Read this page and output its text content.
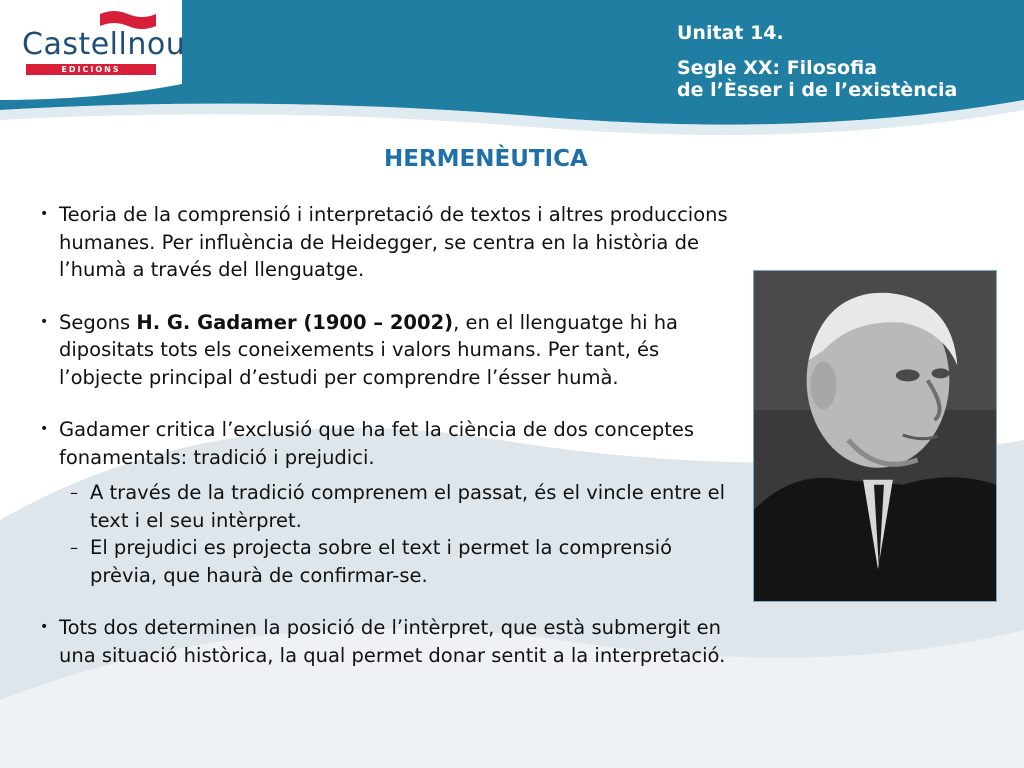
Castellnou
EDICIONS
Unitat 14.
Segle XX: Filosofia
de l’Èsser i de l’existència
HERMENÈUTICA
• Teoria de la comprensió i interpretació de textos i altres produccions humanes. Per influència de Heidegger, se centra en la història de l’humà a través del llenguatge.
• Segons H. G. Gadamer (1900 – 2002), en el llenguatge hi ha dipositats tots els coneixements i valors humans. Per tant, és l’objecte principal d’estudi per comprendre l’ésser humà.
• Gadamer critica l’exclusió que ha fet la ciència de dos conceptes fonamentals: tradició i prejudici.
– A través de la tradició comprenem el passat, és el vincle entre el text i el seu intèrpret.
– El prejudici es projecta sobre el text i permet la comprensió prèvia, que haurà de confirmar-se.
• Tots dos determinen la posició de l’intèrpret, que està submergit en una situació històrica, la qual permet donar sentit a la interpretació.
